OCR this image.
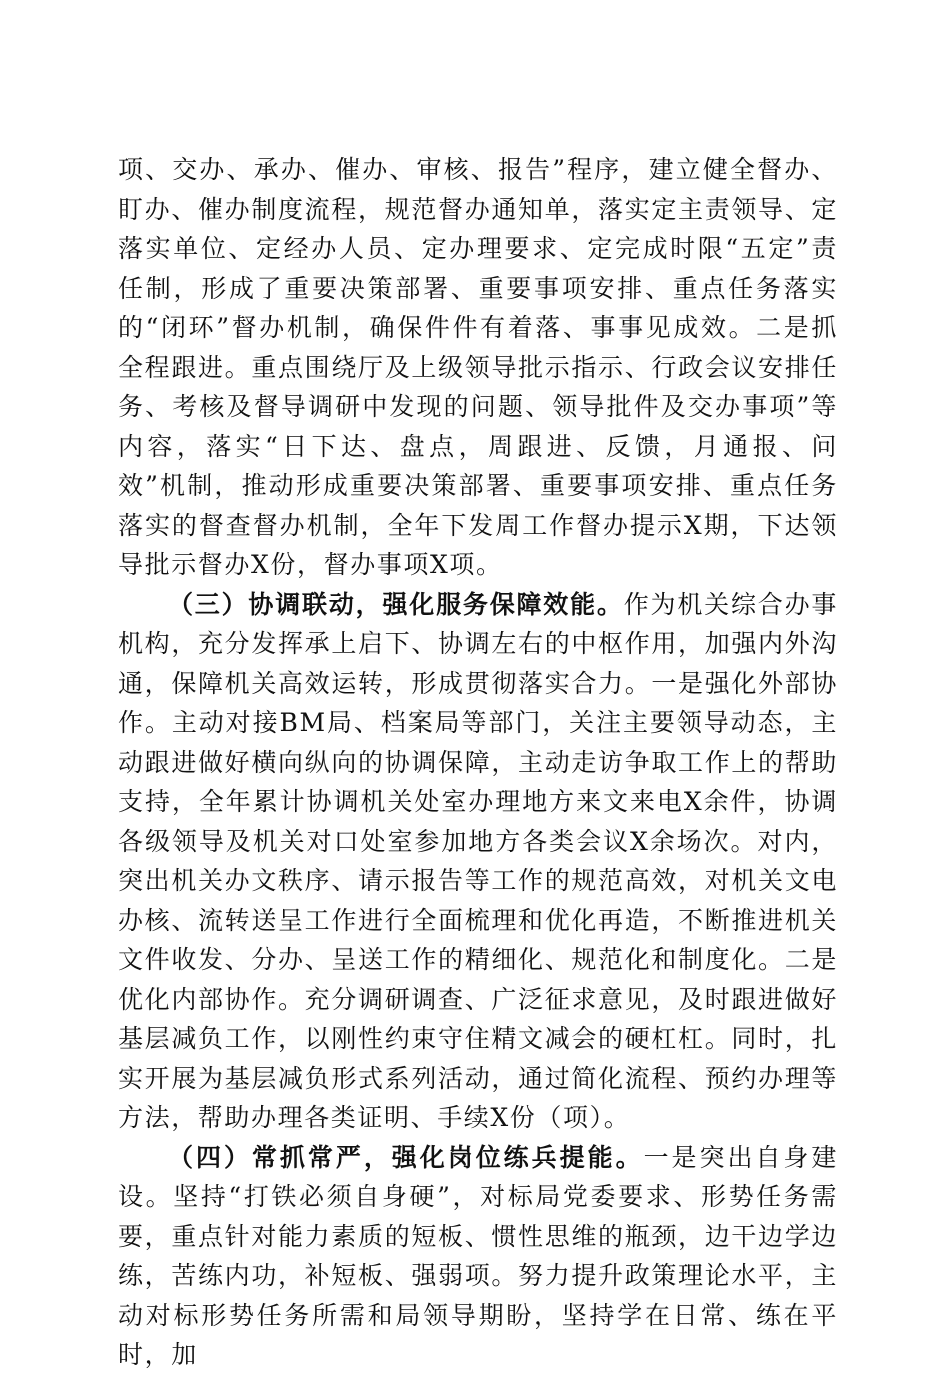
项、交办、承办、催办、审核、报告”程序，建立健全督办、盯办、催办制度流程，规范督办通知单，落实定主责领导、定落实单位、定经办人员、定办理要求、定完成时限“五定”责任制，形成了重要决策部署、重要事项安排、重点任务落实的“闭环”督办机制，确保件件有着落、事事见成效。二是抓全程跟进。重点围绕厅及上级领导批示指示、行政会议安排任务、考核及督导调研中发现的问题、领导批件及交办事项”等内容，落实“日下达、盘点，周跟进、反馈，月通报、问效”机制，推动形成重要决策部署、重要事项安排、重点任务落实的督查督办机制，全年下发周工作督办提示X期，下达领导批示督办X份，督办事项X项。

（三）协调联动，强化服务保障效能。作为机关综合办事机构，充分发挥承上启下、协调左右的中枢作用，加强内外沟通，保障机关高效运转，形成贯彻落实合力。一是强化外部协作。主动对接BM局、档案局等部门，关注主要领导动态，主动跟进做好横向纵向的协调保障，主动走访争取工作上的帮助支持，全年累计协调机关处室办理地方来文来电X余件，协调各级领导及机关对口处室参加地方各类会议X余场次。对内，突出机关办文秩序、请示报告等工作的规范高效，对机关文电办核、流转送呈工作进行全面梳理和优化再造，不断推进机关文件收发、分办、呈送工作的精细化、规范化和制度化。二是优化内部协作。充分调研调查、广泛征求意见，及时跟进做好基层减负工作，以刚性约束守住精文减会的硬杠杠。同时，扎实开展为基层减负形式系列活动，通过简化流程、预约办理等方法，帮助办理各类证明、手续X份（项）。

（四）常抓常严，强化岗位练兵提能。一是突出自身建设。坚持“打铁必须自身硬”，对标局党委要求、形势任务需要，重点针对能力素质的短板、惯性思维的瓶颈，边干边学边练，苦练内功，补短板、强弱项。努力提升政策理论水平，主动对标形势任务所需和局领导期盼，坚持学在日常、练在平时，加
